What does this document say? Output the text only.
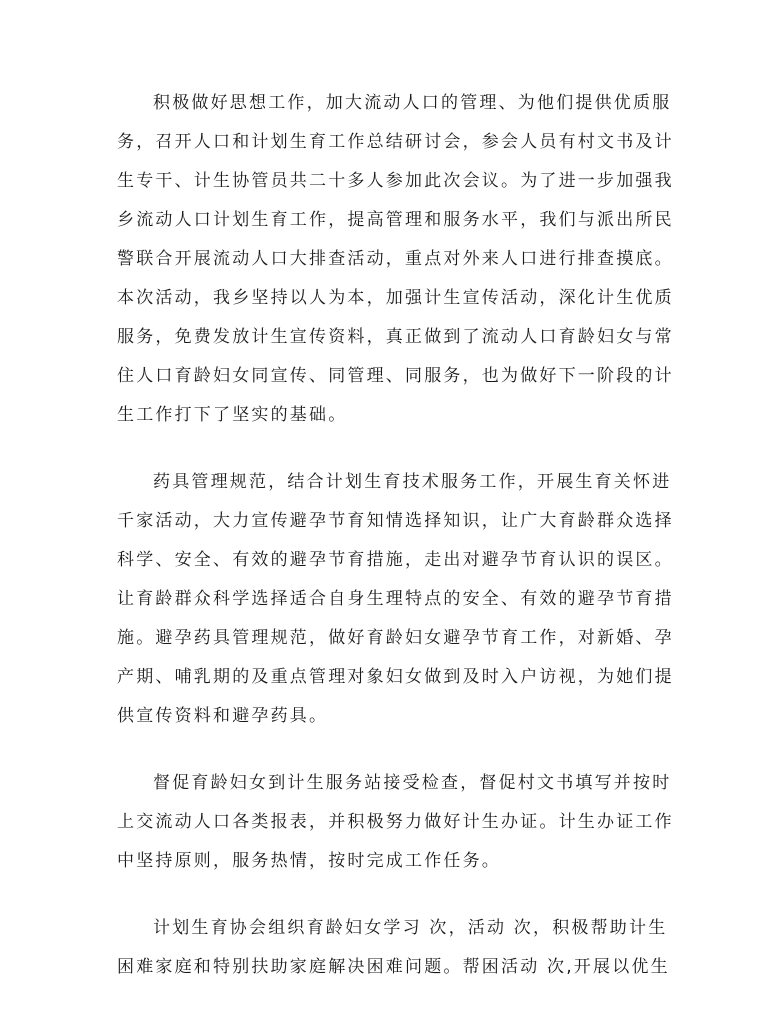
积极做好思想工作，加大流动人口的管理、为他们提供优质服
务，召开人口和计划生育工作总结研讨会，参会人员有村文书及计
生专干、计生协管员共二十多人参加此次会议。为了进一步加强我
乡流动人口计划生育工作，提高管理和服务水平，我们与派出所民
警联合开展流动人口大排查活动，重点对外来人口进行排查摸底。
本次活动，我乡坚持以人为本，加强计生宣传活动，深化计生优质
服务，免费发放计生宣传资料，真正做到了流动人口育龄妇女与常
住人口育龄妇女同宣传、同管理、同服务，也为做好下一阶段的计
生工作打下了坚实的基础。

药具管理规范，结合计划生育技术服务工作，开展生育关怀进
千家活动，大力宣传避孕节育知情选择知识，让广大育龄群众选择
科学、安全、有效的避孕节育措施，走出对避孕节育认识的误区。
让育龄群众科学选择适合自身生理特点的安全、有效的避孕节育措
施。避孕药具管理规范，做好育龄妇女避孕节育工作，对新婚、孕
产期、哺乳期的及重点管理对象妇女做到及时入户访视，为她们提
供宣传资料和避孕药具。

督促育龄妇女到计生服务站接受检查，督促村文书填写并按时
上交流动人口各类报表，并积极努力做好计生办证。计生办证工作
中坚持原则，服务热情，按时完成工作任务。

计划生育协会组织育龄妇女学习 次，活动 次，积极帮助计生
困难家庭和特别扶助家庭解决困难问题。帮困活动 次,开展以优生
